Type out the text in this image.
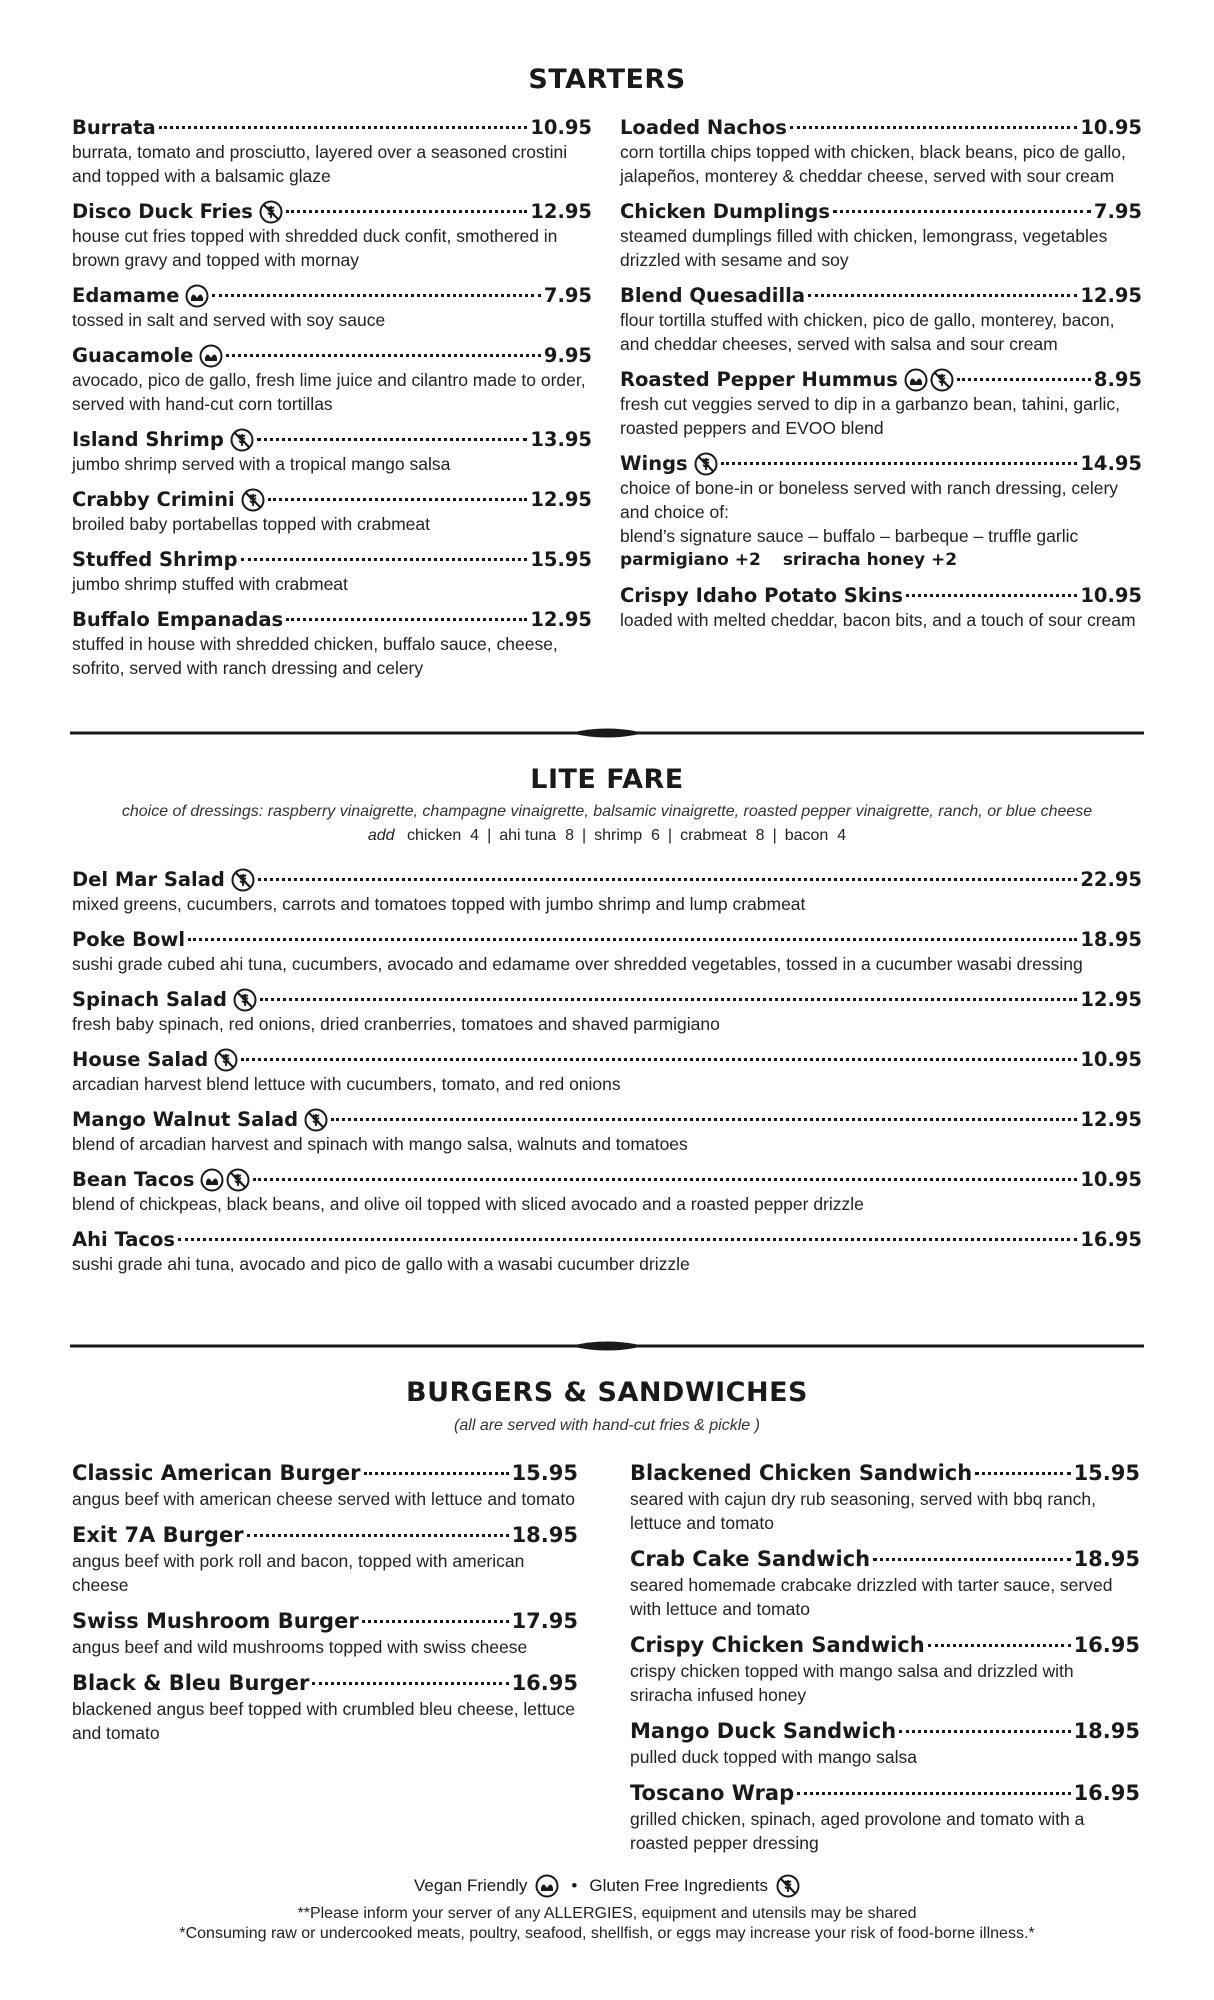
STARTERS
Burrata	10.95
burrata, tomato and prosciutto, layered over a seasoned crostini and topped with a balsamic glaze
Disco Duck Fries	12.95
house cut fries topped with shredded duck confit, smothered in brown gravy and topped with mornay
Edamame	7.95
tossed in salt and served with soy sauce
Guacamole	9.95
avocado, pico de gallo, fresh lime juice and cilantro made to order, served with hand-cut corn tortillas
Island Shrimp	13.95
jumbo shrimp served with a tropical mango salsa
Crabby Crimini	12.95
broiled baby portabellas topped with crabmeat
Stuffed Shrimp	15.95
jumbo shrimp stuffed with crabmeat
Buffalo Empanadas	12.95
stuffed in house with shredded chicken, buffalo sauce, cheese, sofrito, served with ranch dressing and celery
Loaded Nachos	10.95
corn tortilla chips topped with chicken, black beans, pico de gallo, jalapeños, monterey & cheddar cheese, served with sour cream
Chicken Dumplings	7.95
steamed dumplings filled with chicken, lemongrass, vegetables drizzled with sesame and soy
Blend Quesadilla	12.95
flour tortilla stuffed with chicken, pico de gallo, monterey, bacon, and cheddar cheeses, served with salsa and sour cream
Roasted Pepper Hummus	8.95
fresh cut veggies served to dip in a garbanzo bean, tahini, garlic, roasted peppers and EVOO blend
Wings	14.95
choice of bone-in or boneless served with ranch dressing, celery and choice of:
blend’s signature sauce – buffalo – barbeque – truffle garlic
parmigiano +2 sriracha honey +2
Crispy Idaho Potato Skins	10.95
loaded with melted cheddar, bacon bits, and a touch of sour cream
LITE FARE
choice of dressings: raspberry vinaigrette, champagne vinaigrette, balsamic vinaigrette, roasted pepper vinaigrette, ranch, or blue cheese
add chicken  4 | ahi tuna  8 | shrimp  6 | crabmeat  8 | bacon  4
Del Mar Salad	22.95
mixed greens, cucumbers, carrots and tomatoes topped with jumbo shrimp and lump crabmeat
Poke Bowl	18.95
sushi grade cubed ahi tuna, cucumbers, avocado and edamame over shredded vegetables, tossed in a cucumber wasabi dressing
Spinach Salad	12.95
fresh baby spinach, red onions, dried cranberries, tomatoes and shaved parmigiano
House Salad	10.95
arcadian harvest blend lettuce with cucumbers, tomato, and red onions
Mango Walnut Salad	12.95
blend of arcadian harvest and spinach with mango salsa, walnuts and tomatoes
Bean Tacos	10.95
blend of chickpeas, black beans, and olive oil topped with sliced avocado and a roasted pepper drizzle
Ahi Tacos	16.95
sushi grade ahi tuna, avocado and pico de gallo with a wasabi cucumber drizzle
BURGERS & SANDWICHES
(all are served with hand-cut fries & pickle )
Classic American Burger	15.95
angus beef with american cheese served with lettuce and tomato
Exit 7A Burger	18.95
angus beef with pork roll and bacon, topped with american cheese
Swiss Mushroom Burger	17.95
angus beef and wild mushrooms topped with swiss cheese
Black & Bleu Burger	16.95
blackened angus beef topped with crumbled bleu cheese, lettuce and tomato
Blackened Chicken Sandwich	15.95
seared with cajun dry rub seasoning, served with bbq ranch, lettuce and tomato
Crab Cake Sandwich	18.95
seared homemade crabcake drizzled with tarter sauce, served with lettuce and tomato
Crispy Chicken Sandwich	16.95
crispy chicken topped with mango salsa and drizzled with sriracha infused honey
Mango Duck Sandwich	18.95
pulled duck topped with mango salsa
Toscano Wrap	16.95
grilled chicken, spinach, aged provolone and tomato with a roasted pepper dressing
Vegan Friendly	• Gluten Free Ingredients
**Please inform your server of any ALLERGIES, equipment and utensils may be shared
*Consuming raw or undercooked meats, poultry, seafood, shellfish, or eggs may increase your risk of food-borne illness.*
